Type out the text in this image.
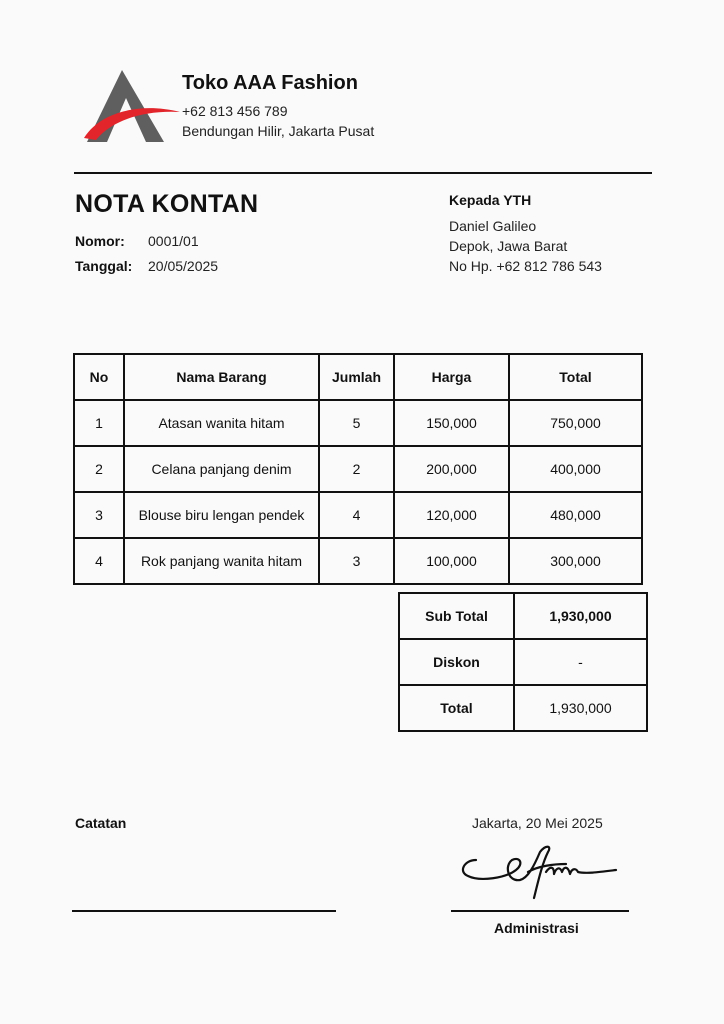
Toko AAA Fashion
+62 813 456 789
Bendungan Hilir, Jakarta Pusat
NOTA KONTAN
Nomor: 0001/01
Tanggal: 20/05/2025
Kepada YTH
Daniel Galileo
Depok, Jawa Barat
No Hp. +62 812 786 543
No	Nama Barang	Jumlah	Harga	Total
1	Atasan wanita hitam	5	150,000	750,000
2	Celana panjang denim	2	200,000	400,000
3	Blouse biru lengan pendek	4	120,000	480,000
4	Rok panjang wanita hitam	3	100,000	300,000
Sub Total	1,930,000
Diskon	-
Total	1,930,000
Catatan	Jakarta, 20 Mei 2025
Administrasi
